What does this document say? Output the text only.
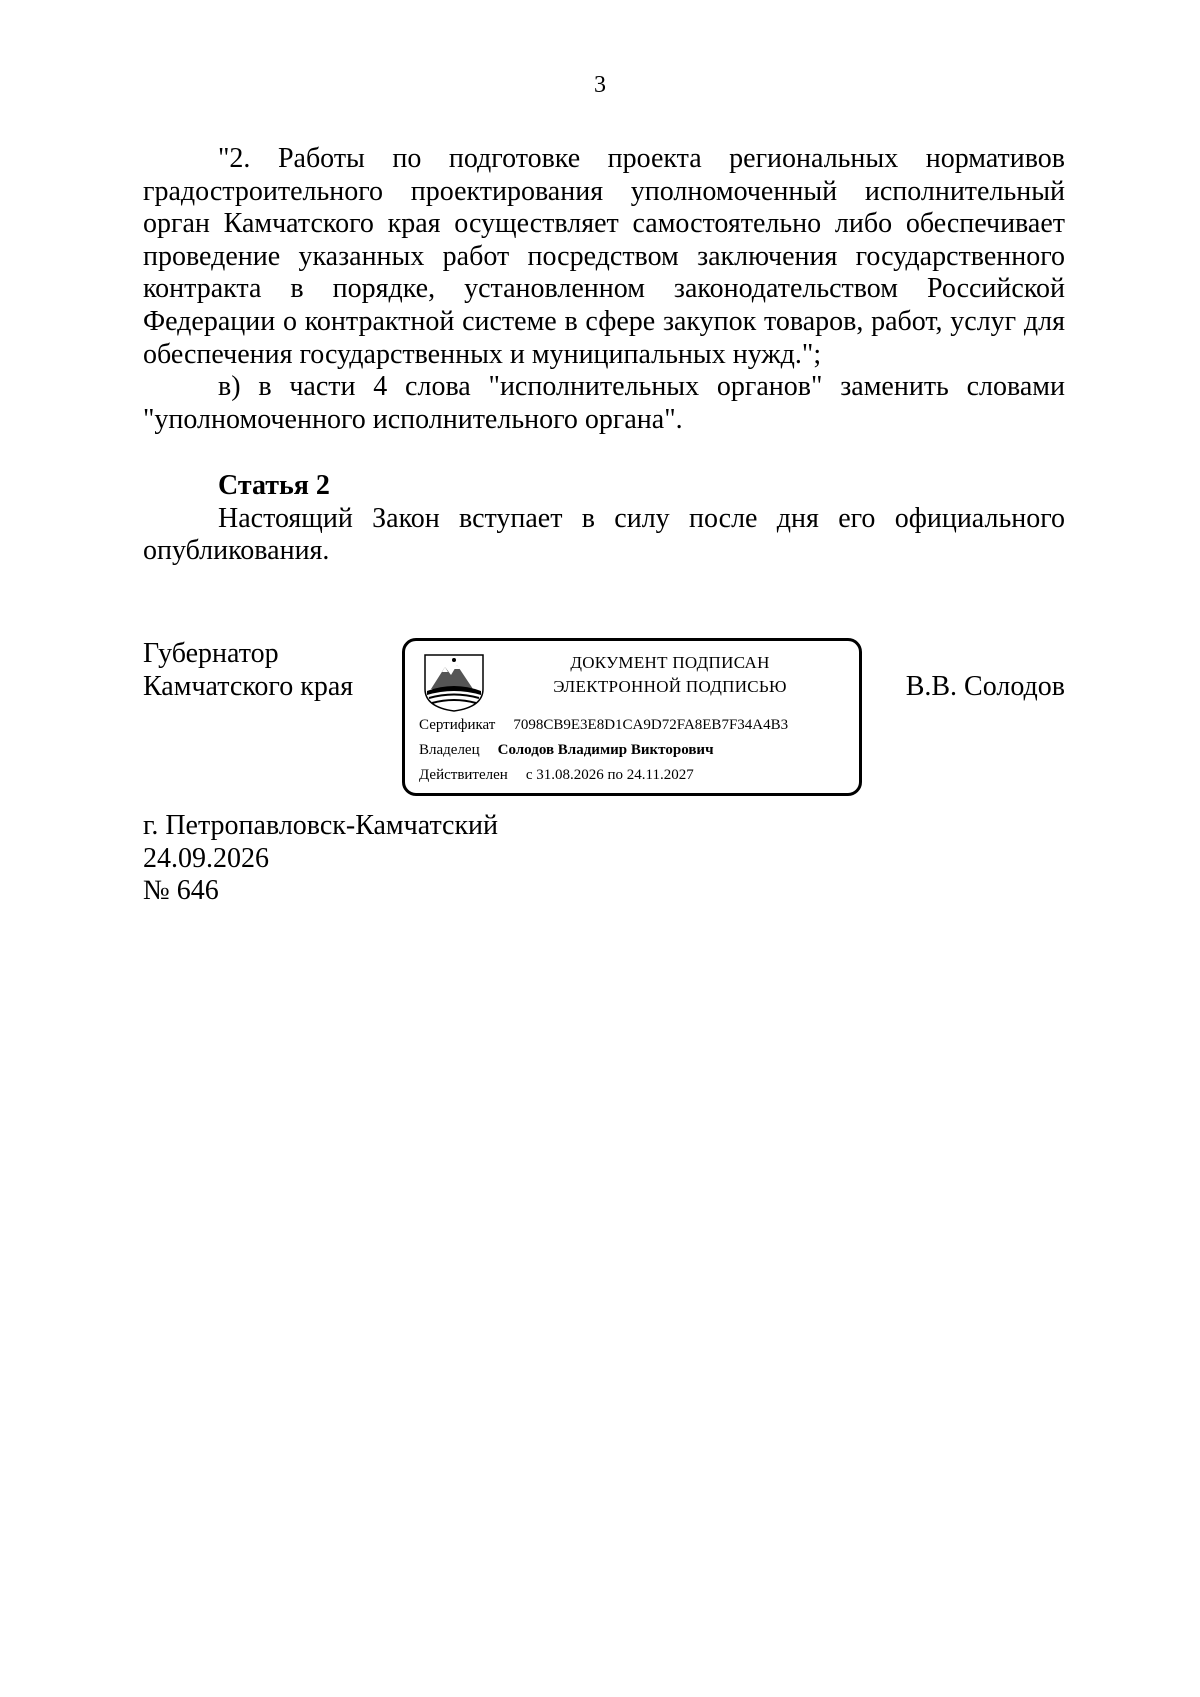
3

"2. Работы по подготовке проекта региональных нормативов градостроительного проектирования уполномоченный исполнительный орган Камчатского края осуществляет самостоятельно либо обеспечивает проведение указанных работ посредством заключения государственного контракта в порядке, установленном законодательством Российской Федерации о контрактной системе в сфере закупок товаров, работ, услуг для обеспечения государственных и муниципальных нужд.";

в) в части 4 слова "исполнительных органов" заменить словами "уполномоченного исполнительного органа".

Статья 2

Настоящий Закон вступает в силу после дня его официального опубликования.

Губернатор
Камчатского края
ДОКУМЕНТ ПОДПИСАН
ЭЛЕКТРОННОЙ ПОДПИСЬЮ
Сертификат 7098CB9E3E8D1CA9D72FA8EB7F34A4B3
Владелец Солодов Владимир Викторович
Действителен с 31.08.2026 по 24.11.2027
В.В. Солодов
г. Петропавловск-Камчатский
24.09.2026
№ 646
